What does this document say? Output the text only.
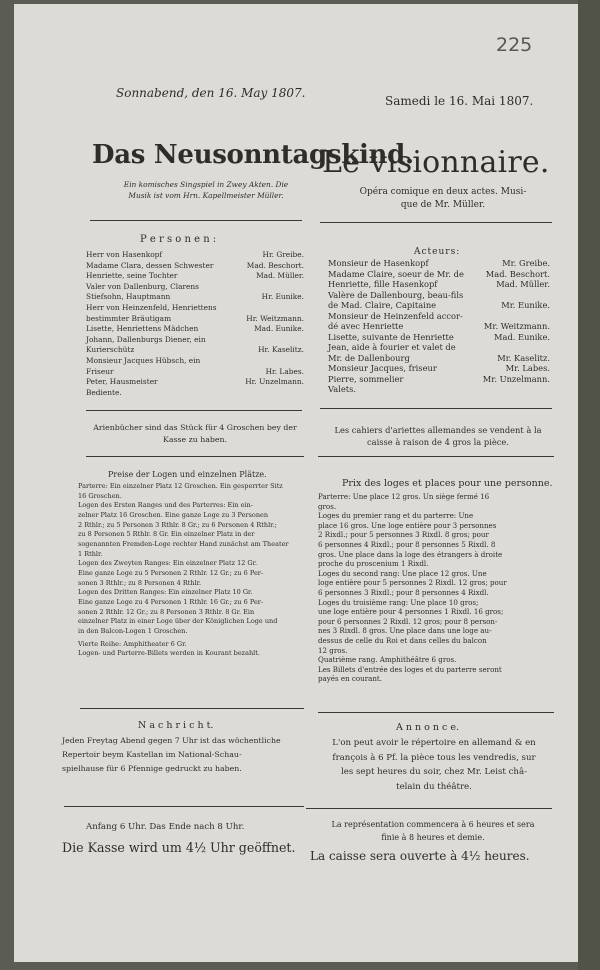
225
Sonnabend, den 16. May 1807.
Samedi le 16. Mai 1807.
Das Neusonntagskind.
Le visionnaire.
Ein komisches Singspiel in Zwey Akten. Die
Musik ist vom Hrn. Kapellmeister Müller.	Opéra comique en deux actes. Musi-
que de Mr. Müller.
P e r s o n e n :
Acteurs:
Herr von Hasenkopf	Hr. Greibe.
Madame Clara, dessen Schwester	Mad. Beschort.
Henriette, seine Tochter	Mad. Müller.
Valer von Dallenburg, Clarens
Stiefsohn, Hauptmann	Hr. Eunike.
Herr von Heinzenfeld, Henriettens
bestimmter Bräutigam	Hr. Weitzmann.
Lisette, Henriettens Mädchen	Mad. Eunike.
Johann, Dallenburgs Diener, ein
Kurierschütz	Hr. Kaselitz.
Monsieur Jacques Hübsch, ein
Friseur	Hr. Labes.
Peter, Hausmeister	Hr. Unzelmann.
Bediente.
Monsieur de Hasenkopf	Mr. Greibe.
Madame Claire, soeur de Mr. de	Mad. Beschort.
Henriette, fille Hasenkopf	Mad. Müller.
Valère de Dallenbourg, beau-fils
de Mad. Claire, Capitaine	Mr. Eunike.
Monsieur de Heinzenfeld accor-
dé avec Henriette	Mr. Weitzmann.
Lisette, suivante de Henriette	Mad. Eunike.
Jean, aide à fourier et valet de
Mr. de Dallenbourg	Mr. Kaselitz.
Monsieur Jacques, friseur	Mr. Labes.
Pierre, sommelier	Mr. Unzelmann.
Valets.
Arienbücher sind das Stück für 4 Groschen bey der
Kasse zu haben.
Les cahiers d'ariettes allemandes se vendent à la
caisse à raison de 4 gros la pièce.
Preise der Logen und einzelnen Plätze.
Parterre: Ein einzelner Platz 12 Groschen. Ein gesperrter Sitz
16 Groschen.
Logen des Ersten Ranges und des Parterres: Ein ein-
zelner Platz 16 Groschen. Eine ganze Loge zu 3 Personen
2 Rthlr.; zu 5 Personen 3 Rthlr. 8 Gr.; zu 6 Personen 4 Rthlr.;
zu 8 Personen 5 Rthlr. 8 Gr. Ein einzelner Platz in der
sogenannten Fremden-Loge rechter Hand zunächst am Theater
1 Rthlr.
Logen des Zweyten Ranges: Ein einzelner Platz 12 Gr.
Eine ganze Loge zu 5 Personen 2 Rthlr. 12 Gr.; zu 6 Per-
sonen 3 Rthlr.; zu 8 Personen 4 Rthlr.
Logen des Dritten Ranges: Ein einzelner Platz 10 Gr.
Eine ganze Loge zu 4 Personen 1 Rthlr. 16 Gr.; zu 6 Per-
sonen 2 Rthlr. 12 Gr.; zu 8 Personen 3 Rthlr. 8 Gr. Ein
einzelner Platz in einer Loge über der Königlichen Loge und
in den Balcon-Logen 1 Groschen.
Vierte Reihe: Amphitheater 6 Gr.
Logen- und Parterre-Billets werden in Kourant bezahlt.
Prix des loges et places pour une personne.
Parterre: Une place 12 gros. Un siège fermé 16
gros.
Loges du premier rang et du parterre: Une
place 16 gros. Une loge entière pour 3 personnes
2 Rixdl.; pour 5 personnes 3 Rixdl. 8 gros; pour
6 personnes 4 Rixdl.; pour 8 personnes 5 Rixdl. 8
gros. Une place dans la loge des étrangers à droite
proche du proscenium 1 Rixdl.
Loges du second rang: Une place 12 gros. Une
loge entière pour 5 personnes 2 Rixdl. 12 gros; pour
6 personnes 3 Rixdl.; pour 8 personnes 4 Rixdl.
Loges du troisième rang: Une place 10 gros;
une loge entière pour 4 personnes 1 Rixdl. 16 gros;
pour 6 personnes 2 Rixdl. 12 gros; pour 8 person-
nes 3 Rixdl. 8 gros. Une place dans une loge au-
dessus de celle du Roi et dans celles du balcon
12 gros.
Quatrième rang. Amphithéâtre 6 gros.
Les Billets d'entrée des loges et du parterre seront
payés en courant.
N a c h r i c h t.
Jeden Freytag Abend gegen 7 Uhr ist das wöchentliche
Repertoir beym Kastellan im National-Schau-
spielhause für 6 Pfennige gedruckt zu haben.
A n n o n c e.
L'on peut avoir le répertoire en allemand & en
françois à 6 Pf. la pièce tous les vendredis, sur
les sept heures du soir, chez Mr. Leist châ-
telain du théâtre.
Anfang 6 Uhr. Das Ende nach 8 Uhr.
Die Kasse wird um 4½ Uhr geöffnet.
La représentation commencera à 6 heures et sera
finie à 8 heures et demie.
La caisse sera ouverte à 4½ heures.
